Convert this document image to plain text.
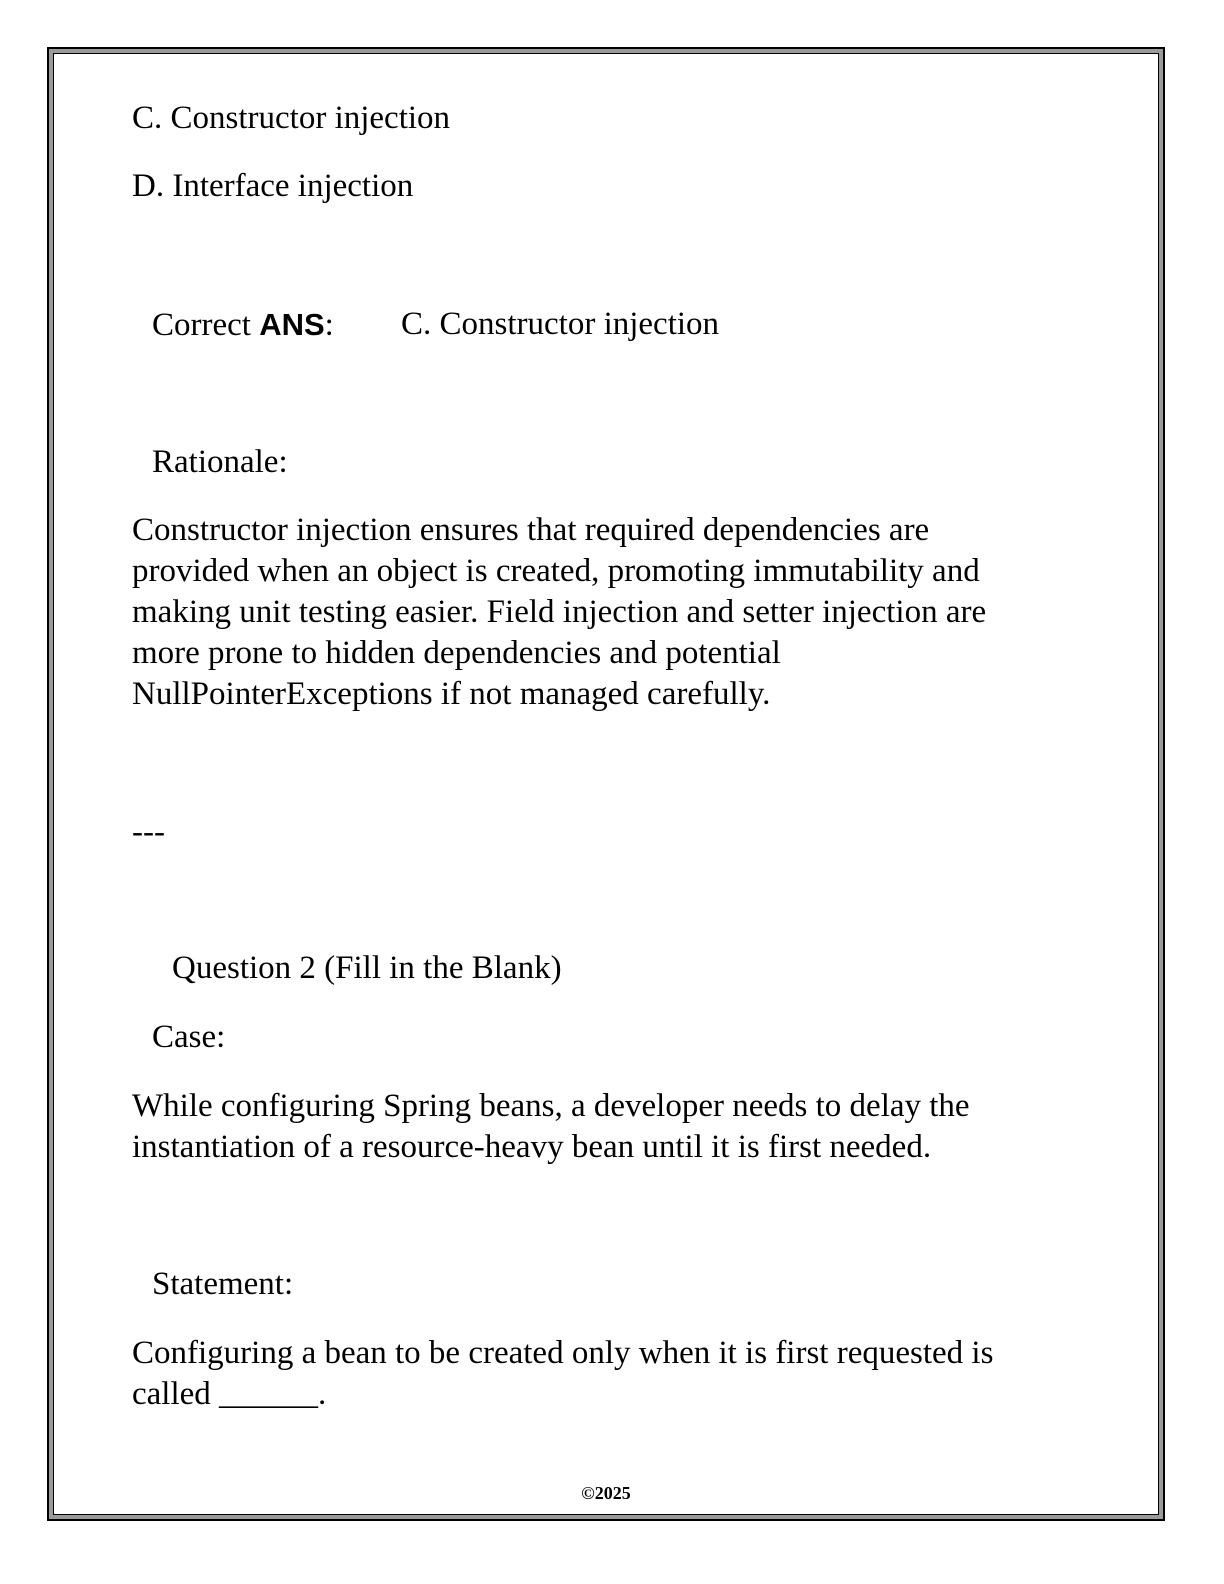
C. Constructor injection
D. Interface injection
Correct ANS: C. Constructor injection
Rationale:
Constructor injection ensures that required dependencies are
provided when an object is created, promoting immutability and
making unit testing easier. Field injection and setter injection are
more prone to hidden dependencies and potential
NullPointerExceptions if not managed carefully.
---
Question 2 (Fill in the Blank)
Case:
While configuring Spring beans, a developer needs to delay the
instantiation of a resource-heavy bean until it is first needed.
Statement:
Configuring a bean to be created only when it is first requested is
called ______.
©2025
